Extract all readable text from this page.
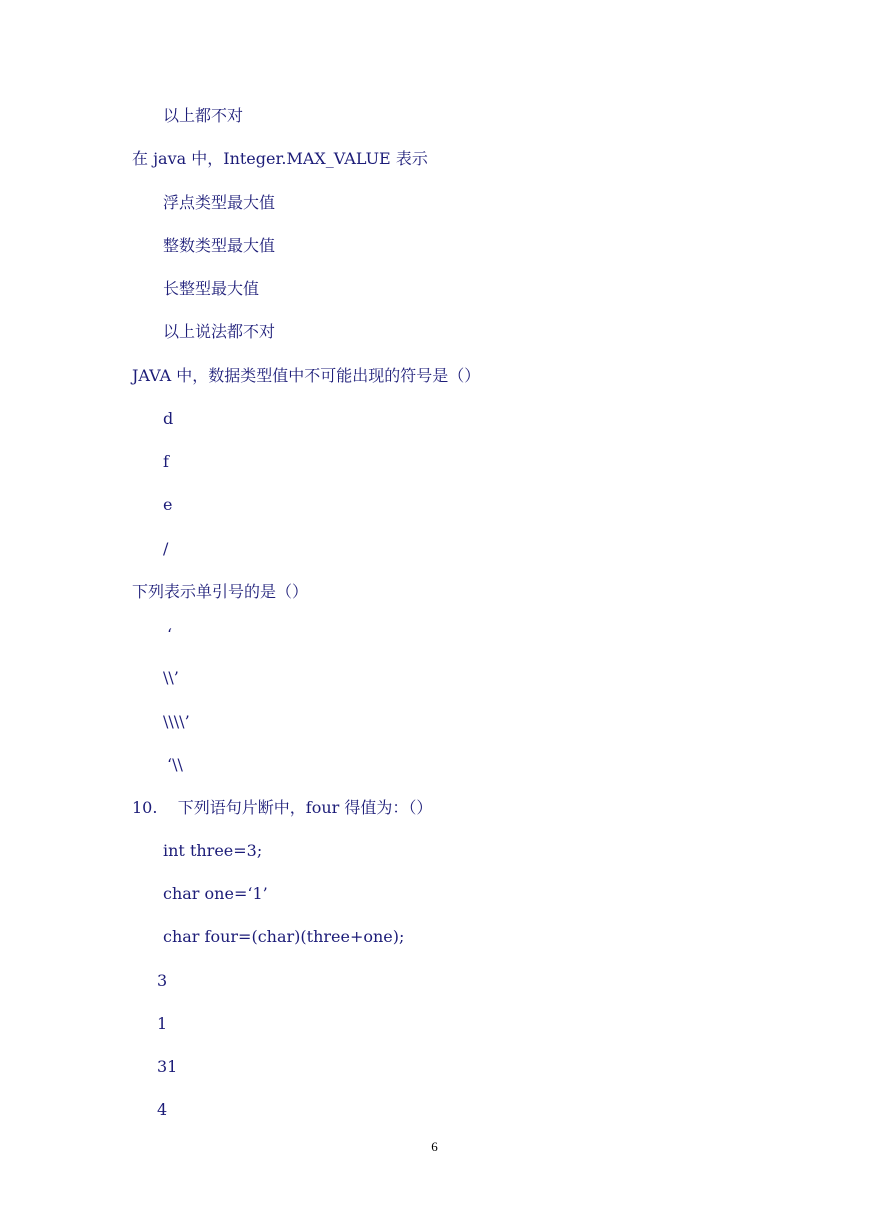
以上都不对
在 java 中，Integer.MAX_VALUE 表示
浮点类型最大值
整数类型最大值
长整型最大值
以上说法都不对
JAVA 中，数据类型值中不可能出现的符号是（）
d
f
e
/
下列表示单引号的是（）
‘
\\’
\\\\’
‘\\
10.    下列语句片断中，four 得值为：（）
int three=3;
char one=‘1’
char four=(char)(three+one);
3
1
31
4
6
